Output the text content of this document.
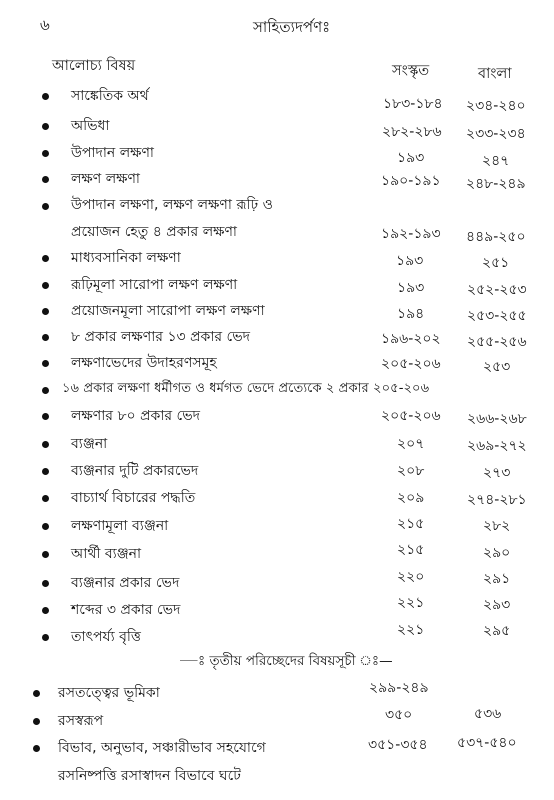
৬	সাহিত্যদর্পণঃ
আলোচ্য বিষয়	সংস্কৃত	বাংলা
সাঙ্কেতিক অর্থ	১৮৩-১৮৪ ২৩৪-২৪০
অভিধা	২৮২-২৮৬ ২৩৩-২৩৪
উপাদান লক্ষণা	১৯৩	২৪৭
লক্ষণ লক্ষণা	১৯০-১৯১ ২৪৮-২৪৯
উপাদান লক্ষণা, লক্ষণ লক্ষণা রূঢ়ি ও
প্রয়োজন হেতু ৪ প্রকার লক্ষণা	১৯২-১৯৩ ৪৪৯-২৫০
মাধ্যবসানিকা লক্ষণা	১৯৩	২৫১
রূঢ়িমূলা সারোপা লক্ষণ লক্ষণা	১৯৩	২৫২-২৫৩
প্রয়োজনমূলা সারোপা লক্ষণ লক্ষণা	১৯৪	২৫৩-২৫৫
৮ প্রকার লক্ষণার ১৩ প্রকার ভেদ	১৯৬-২০২ ২৫৫-২৫৬
লক্ষণাভেদের উদাহরণসমূহ	২০৫-২০৬	২৫৩
১৬ প্রকার লক্ষণা ধর্মীগত ও ধর্মগত ভেদে প্রত্যেকে ২ প্রকার ২০৫-২০৬
লক্ষণার ৮০ প্রকার ভেদ	২০৫-২০৬ ২৬৬-২৬৮
ব্যঞ্জনা	২০৭	২৬৯-২৭২
ব্যঞ্জনার দুটি প্রকারভেদ	২০৮	২৭৩
বাচ্যার্থ বিচারের পদ্ধতি	২০৯	২৭৪-২৮১
লক্ষণামূলা ব্যঞ্জনা	২১৫	২৮২
আর্থী ব্যঞ্জনা	২১৫	২৯০
ব্যঞ্জনার প্রকার ভেদ	২২০	২৯১
শব্দের ৩ প্রকার ভেদ	২২১	২৯৩
তাৎপর্য্য বৃত্তি	২২১	২৯৫
—ঃ তৃতীয় পরিচ্ছেদের বিষয়সূচী ঃ—
রসতত্ত্বের ভূমিকা	২৯৯-২৪৯
রসস্বরূপ	৩৫০	৫৩৬
বিভাব, অনুভাব, সঞ্চারীভাব সহযোগে
রসনিষ্পত্তি রসাস্বাদন বিভাবে ঘটে
৩৫১-৩৫৪ ৫৩৭-৫৪০
